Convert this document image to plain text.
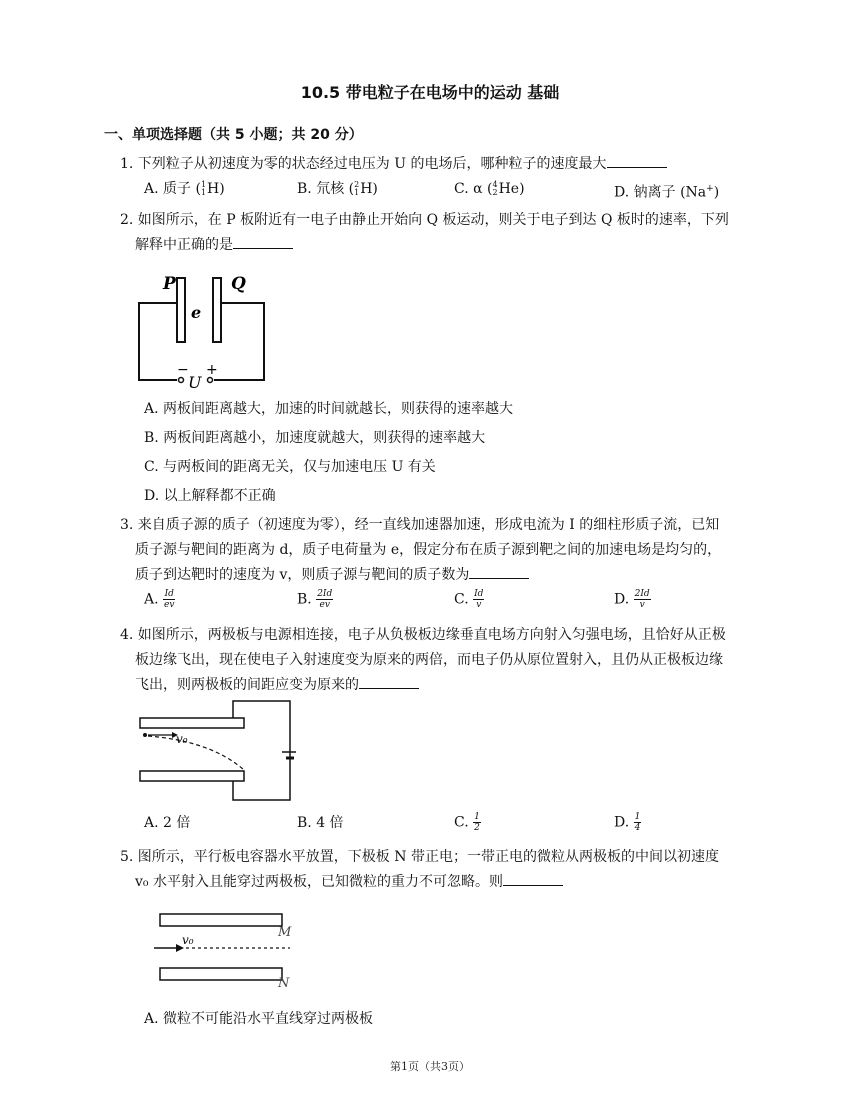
10.5 带电粒子在电场中的运动 基础
一、单项选择题（共 5 小题；共 20 分）
1. 下列粒子从初速度为零的状态经过电压为 U 的电场后，哪种粒子的速度最大
A. 质子 ( 1
1 H)	B. 氘核 ( 2
1 H)	C. α ( 4
2 He)	D. 钠离子 (Na+)
2. 如图所示，在 P 板附近有一电子由静止开始向 Q 板运动，则关于电子到达 Q 板时的速率，下列
解释中正确的是
P	Q
e
− +
U
A. 两板间距离越大，加速的时间就越长，则获得的速率越大
B. 两板间距离越小，加速度就越大，则获得的速率越大
C. 与两板间的距离无关，仅与加速电压 U 有关
D. 以上解释都不正确
3. 来自质子源的质子（初速度为零），经一直线加速器加速，形成电流为 I 的细柱形质子流，已知
质子源与靶间的距离为 d，质子电荷量为 e，假定分布在质子源到靶之间的加速电场是均匀的，
质子到达靶时的速度为 v，则质子源与靶间的质子数为
A. $\frac{Id}{ev}$	B. $\frac{2Id}{ev}$	C. $\frac{Id}{v}$	D. $\frac{2Id}{v}$
4. 如图所示，两极板与电源相连接，电子从负极板边缘垂直电场方向射入匀强电场，且恰好从正极
板边缘飞出，现在使电子入射速度变为原来的两倍，而电子仍从原位置射入，且仍从正极板边缘
飞出，则两极板的间距应变为原来的
v₀
A. 2 倍	B. 4 倍	C. $\frac{1}{2}$	D. $\frac{1}{4}$
5. 图所示，平行板电容器水平放置，下极板 N 带正电；一带正电的微粒从两极板的中间以初速度
v₀ 水平射入且能穿过两极板，已知微粒的重力不可忽略。则
v₀	M
N
A. 微粒不可能沿水平直线穿过两极板
第1页（共3页）
